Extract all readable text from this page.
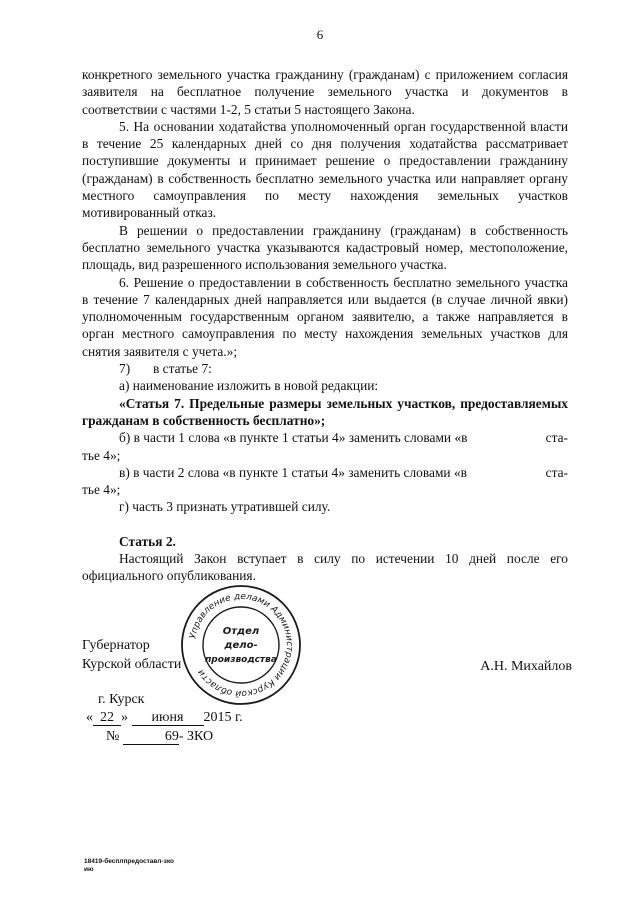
6

конкретного земельного участка гражданину (гражданам) с приложением согласия заявителя на бесплатное получение земельного участка и документов в соответствии с частями 1-2, 5 статьи 5 настоящего Закона.

5. На основании ходатайства уполномоченный орган государственной власти в течение 25 календарных дней со дня получения ходатайства рассматривает поступившие документы и принимает решение о предоставлении гражданину (гражданам) в собственность бесплатно земельного участка или направляет органу местного самоуправления по месту нахождения земельных участков мотивированный отказ.

В решении о предоставлении гражданину (гражданам) в собственность бесплатно земельного участка указываются кадастровый номер, местоположение, площадь, вид разрешенного использования земельного участка.

6. Решение о предоставлении в собственность бесплатно земельного участка в течение 7 календарных дней направляется или выдается (в случае личной явки) уполномоченным государственным органом заявителю, а также направляется в орган местного самоуправления по месту нахождения земельных участков для снятия заявителя с учета.»;

7) в статье 7:

а) наименование изложить в новой редакции:

«Статья 7. Предельные размеры земельных участков, предоставляемых гражданам в собственность бесплатно»;

б) в части 1 слова «в пункте 1 статьи 4» заменить словами «в	ста-

тье 4»;

в) в части 2 слова «в пункте 1 статьи 4» заменить словами «в	ста-

тье 4»;

г) часть 3 признать утратившей силу.

Статья 2.

Настоящий Закон вступает в силу по истечении 10 дней после его официального опубликования.

Губернатор
Курской области	А.Н. Михайлов
Управление делами Администрации Курской области
Отдел
дело-
производства
г. Курск
« 22 » июня 2015 г.
№	69- ЗКО
18419-бесплпредоставл-зко
ию
